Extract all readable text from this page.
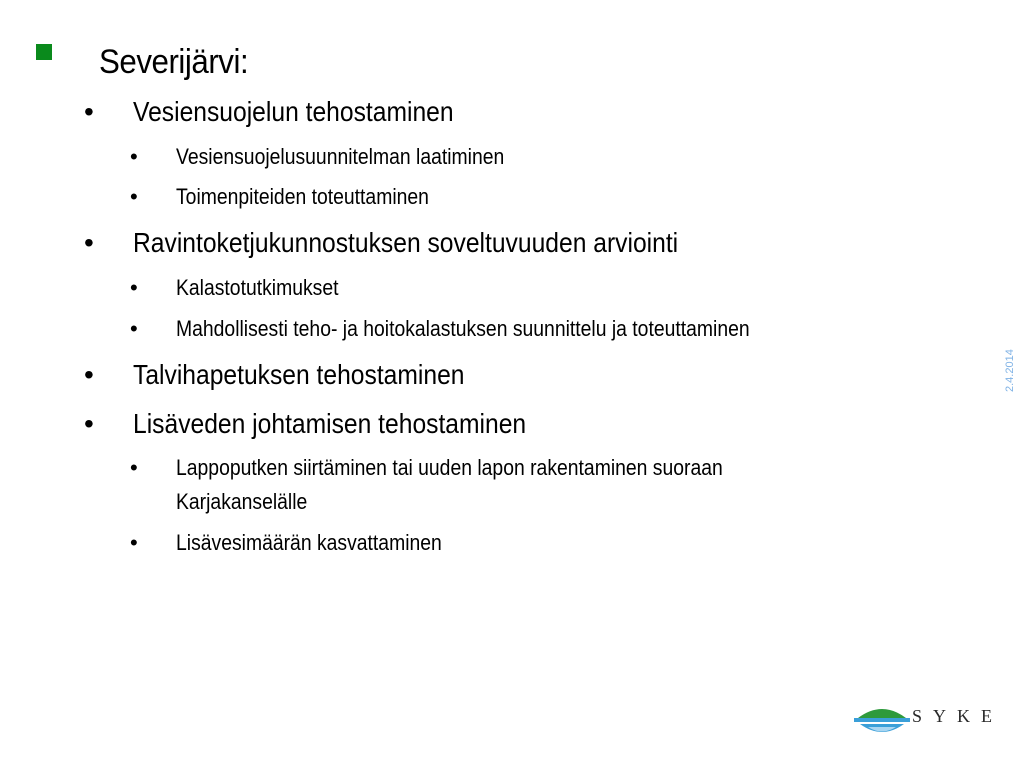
Severijärvi:
• Vesiensuojelun tehostaminen
• Vesiensuojelusuunnitelman laatiminen
• Toimenpiteiden toteuttaminen
• Ravintoketjukunnostuksen soveltuvuuden arviointi
• Kalastotutkimukset
• Mahdollisesti teho- ja hoitokalastuksen suunnittelu ja toteuttaminen
• Talvihapetuksen tehostaminen
• Lisäveden johtamisen tehostaminen
• Lappoputken siirtäminen tai uuden lapon rakentaminen suoraan
Karjakanselälle
• Lisävesimäärän kasvattaminen
2.4.2014
SYKE
